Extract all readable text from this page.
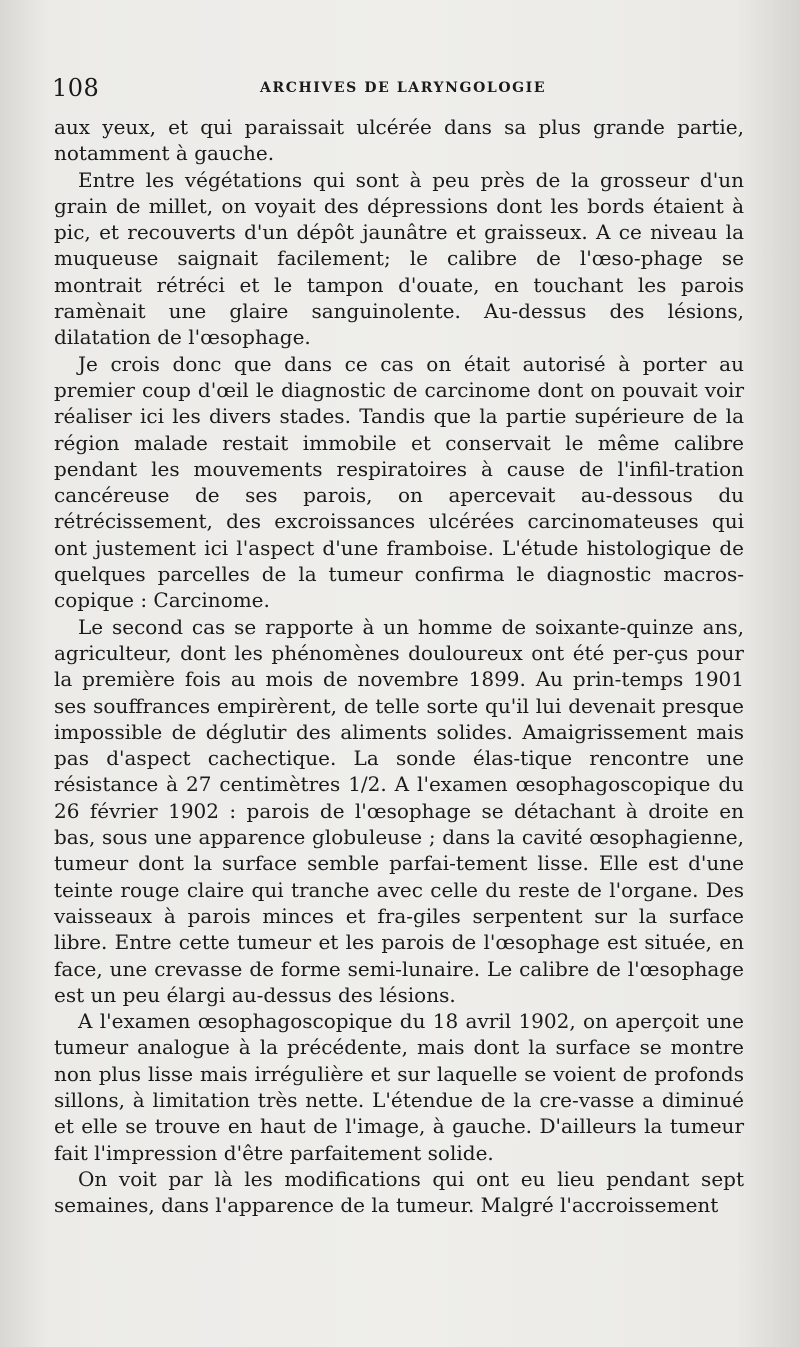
108	ARCHIVES DE LARYNGOLOGIE

aux yeux, et qui paraissait ulcérée dans sa plus grande partie, notamment à gauche.

Entre les végétations qui sont à peu près de la grosseur d'un grain de millet, on voyait des dépressions dont les bords étaient à pic, et recouverts d'un dépôt jaunâtre et graisseux. A ce niveau la muqueuse saignait facilement; le calibre de l'œso-phage se montrait rétréci et le tampon d'ouate, en touchant les parois ramènait une glaire sanguinolente. Au-dessus des lésions, dilatation de l'œsophage.

Je crois donc que dans ce cas on était autorisé à porter au premier coup d'œil le diagnostic de carcinome dont on pouvait voir réaliser ici les divers stades. Tandis que la partie supérieure de la région malade restait immobile et conservait le même calibre pendant les mouvements respiratoires à cause de l'infil-tration cancéreuse de ses parois, on apercevait au-dessous du rétrécissement, des excroissances ulcérées carcinomateuses qui ont justement ici l'aspect d'une framboise. L'étude histologique de quelques parcelles de la tumeur confirma le diagnostic macros-copique : Carcinome.

Le second cas se rapporte à un homme de soixante-quinze ans, agriculteur, dont les phénomènes douloureux ont été per-çus pour la première fois au mois de novembre 1899. Au prin-temps 1901 ses souffrances empirèrent, de telle sorte qu'il lui devenait presque impossible de déglutir des aliments solides. Amaigrissement mais pas d'aspect cachectique. La sonde élas-tique rencontre une résistance à 27 centimètres 1/2. A l'examen œsophagoscopique du 26 février 1902 : parois de l'œsophage se détachant à droite en bas, sous une apparence globuleuse ; dans la cavité œsophagienne, tumeur dont la surface semble parfai-tement lisse. Elle est d'une teinte rouge claire qui tranche avec celle du reste de l'organe. Des vaisseaux à parois minces et fra-giles serpentent sur la surface libre. Entre cette tumeur et les parois de l'œsophage est située, en face, une crevasse de forme semi-lunaire. Le calibre de l'œsophage est un peu élargi au-dessus des lésions.

A l'examen œsophagoscopique du 18 avril 1902, on aperçoit une tumeur analogue à la précédente, mais dont la surface se montre non plus lisse mais irrégulière et sur laquelle se voient de profonds sillons, à limitation très nette. L'étendue de la cre-vasse a diminué et elle se trouve en haut de l'image, à gauche. D'ailleurs la tumeur fait l'impression d'être parfaitement solide.

On voit par là les modifications qui ont eu lieu pendant sept semaines, dans l'apparence de la tumeur. Malgré l'accroissement
